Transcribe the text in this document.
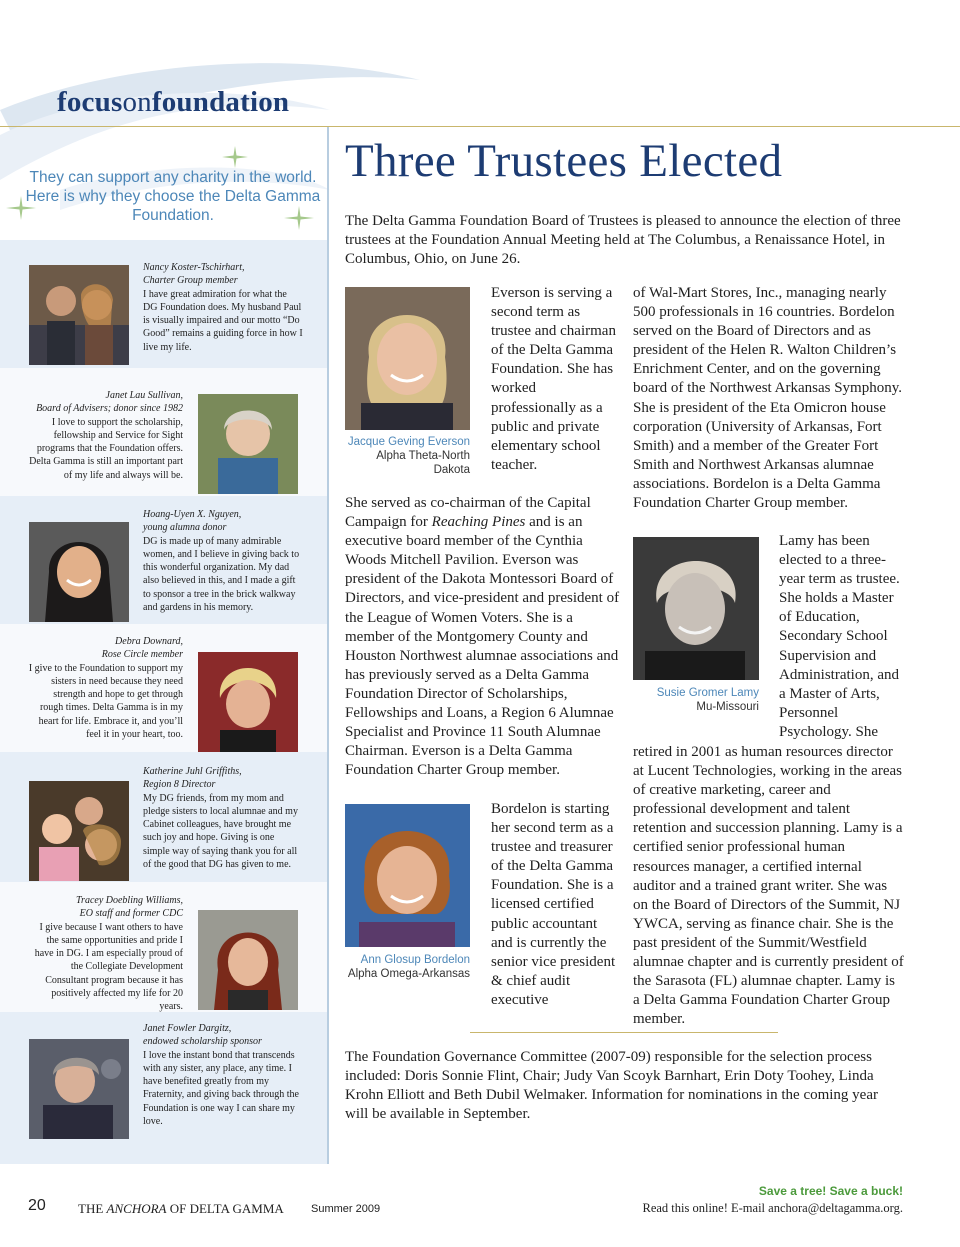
focusonfoundation
They can support any charity in the world. Here is why they choose the Delta Gamma Foundation.
Nancy Koster-Tschirhart,
Charter Group member
I have great admiration for what the DG Foundation does. My husband Paul is visually impaired and our motto “Do Good” remains a guiding force in how I live my life.
Janet Lau Sullivan,
Board of Advisers; donor since 1982
I love to support the scholarship, fellowship and Service for Sight programs that the Foundation offers. Delta Gamma is still an important part of my life and always will be.
Hoang-Uyen X. Nguyen,
young alumna donor
DG is made up of many admirable women, and I believe in giving back to this wonderful organization. My dad also believed in this, and I made a gift to sponsor a tree in the brick walkway and gardens in his memory.
Debra Downard,
Rose Circle member
I give to the Foundation to support my sisters in need because they need strength and hope to get through rough times. Delta Gamma is in my heart for life. Embrace it, and you’ll feel it in your heart, too.
Katherine Juhl Griffiths,
Region 8 Director
My DG friends, from my mom and pledge sisters to local alumnae and my Cabinet colleagues, have brought me such joy and hope. Giving is one simple way of saying thank you for all of the good that DG has given to me.
Tracey Doebling Williams,
EO staff and former CDC
I give because I want others to have the same opportunities and pride I have in DG. I am especially proud of the Collegiate Development Consultant program because it has positively affected my life for 20 years.
Janet Fowler Dargitz,
endowed scholarship sponsor
I love the instant bond that transcends with any sister, any place, any time. I have benefited greatly from my Fraternity, and giving back through the Foundation is one way I can share my love.
Three Trustees Elected
The Delta Gamma Foundation Board of Trustees is pleased to announce the election of three trustees at the Foundation Annual Meeting held at The Columbus, a Renaissance Hotel, in Columbus, Ohio, on June 26.
Jacque Geving Everson
Alpha Theta-North Dakota
Everson is serving a second term as trustee and chairman of the Delta Gamma Foundation. She has worked professionally as a public and private elementary school teacher.
She served as co-chairman of the Capital Campaign for Reaching Pines and is an executive board member of the Cynthia Woods Mitchell Pavilion. Everson was president of the Dakota Montessori Board of Directors, and vice-president and president of the League of Women Voters. She is a member of the Montgomery County and Houston Northwest alumnae associations and has previously served as a Delta Gamma Foundation Director of Scholarships, Fellowships and Loans, a Region 6 Alumnae Specialist and Province 11 South Alumnae Chairman. Everson is a Delta Gamma Foundation Charter Group member.
Ann Glosup Bordelon
Alpha Omega-Arkansas
Bordelon is starting her second term as a trustee and treasurer of the Delta Gamma Foundation. She is a licensed certified public accountant and is currently the senior vice president & chief audit executive
of Wal-Mart Stores, Inc., managing nearly 500 professionals in 16 countries. Bordelon served on the Board of Directors and as president of the Helen R. Walton Children’s Enrichment Center, and on the governing board of the Northwest Arkansas Symphony. She is president of the Eta Omicron house corporation (University of Arkansas, Fort Smith) and a member of the Greater Fort Smith and Northwest Arkansas alumnae associations. Bordelon is a Delta Gamma Foundation Charter Group member.
Susie Gromer Lamy
Mu-Missouri
Lamy has been elected to a three-year term as trustee. She holds a Master of Education, Secondary School Supervision and Administration, and a Master of Arts, Personnel Psychology. She
retired in 2001 as human resources director at Lucent Technologies, working in the areas of creative marketing, career and professional development and talent retention and succession planning. Lamy is a certified senior professional human resources manager, a certified internal auditor and a trained grant writer. She was on the Board of Directors of the Summit, NJ YWCA, serving as finance chair. She is the past president of the Summit/Westfield alumnae chapter and is currently president of the Sarasota (FL) alumnae chapter. Lamy is a Delta Gamma Foundation Charter Group member.
The Foundation Governance Committee (2007-09) responsible for the selection process included: Doris Sonnie Flint, Chair; Judy Van Scoyk Barnhart, Erin Doty Toohey, Linda Krohn Elliott and Beth Dubil Welmaker. Information for nominations in the coming year will be available in September.
20 THE ANCHORA OF DELTA GAMMA Summer 2009
Save a tree! Save a buck!
Read this online! E-mail anchora@deltagamma.org.
